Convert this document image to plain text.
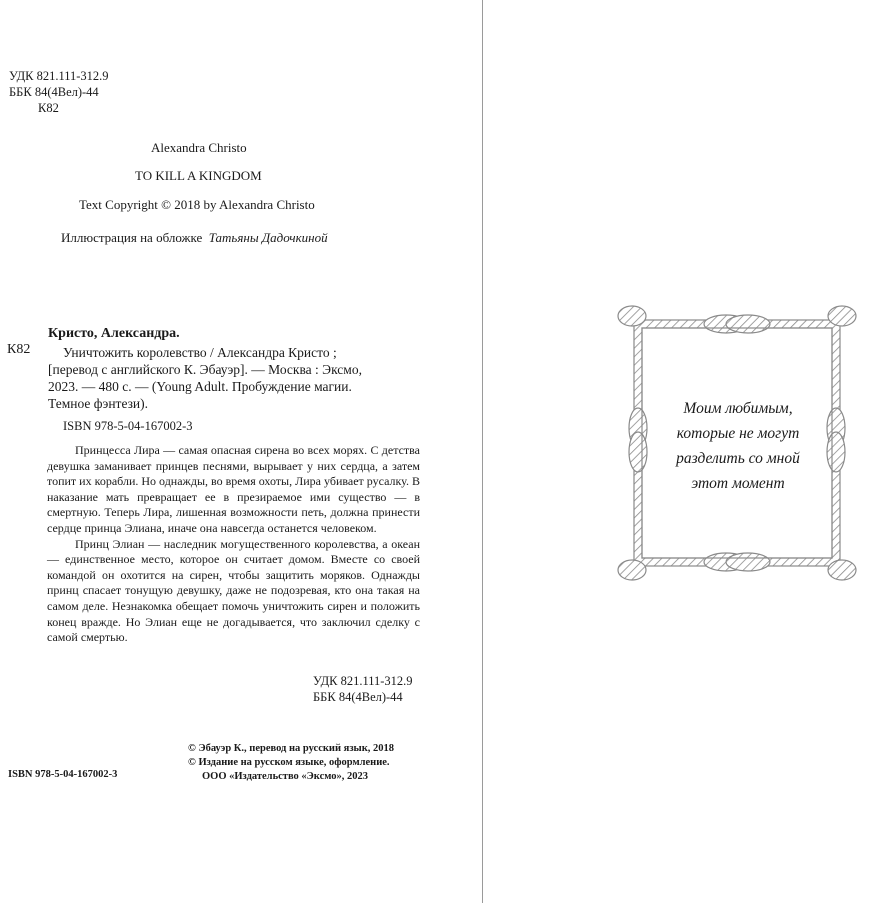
УДК 821.111-312.9
ББК 84(4Вел)-44
К82
Alexandra Christo
TO KILL A KINGDOM
Text Copyright © 2018 by Alexandra Christo
Иллюстрация на обложке Татьяны Дадочкиной
Кристо, Александра.
К82 Уничтожить королевство / Александра Кристо ;
[перевод с английского К. Эбауэр]. — Москва : Эксмо,
2023. — 480 с. — (Young Adult. Пробуждение магии.
Темное фэнтези).
ISBN 978-5-04-167002-3

Принцесса Лира — самая опасная сирена во всех морях. С детства девушка заманивает принцев песнями, вырывает у них сердца, а затем топит их корабли. Но однажды, во время охоты, Лира убивает русалку. В наказание мать превращает ее в презираемое ими существо — в смертную. Теперь Лира, лишенная возможности петь, должна принести сердце принца Элиана, иначе она навсегда останется человеком.

Принц Элиан — наследник могущественного королевства, а океан — единственное место, которое он считает домом. Вместе со своей командой он охотится на сирен, чтобы защитить моряков. Однажды принц спасает тонущую девушку, даже не подозревая, кто она такая на самом деле. Незнакомка обещает помочь уничтожить сирен и положить конец вражде. Но Элиан еще не догадывается, что заключил сделку с самой смертью.

УДК 821.111-312.9
ББК 84(4Вел)-44
© Эбауэр К., перевод на русский язык, 2018
© Издание на русском языке, оформление.
ООО «Издательство «Эксмо», 2023
ISBN 978-5-04-167002-3
Моим любимым,
которые не могут
разделить со мной
этот момент
